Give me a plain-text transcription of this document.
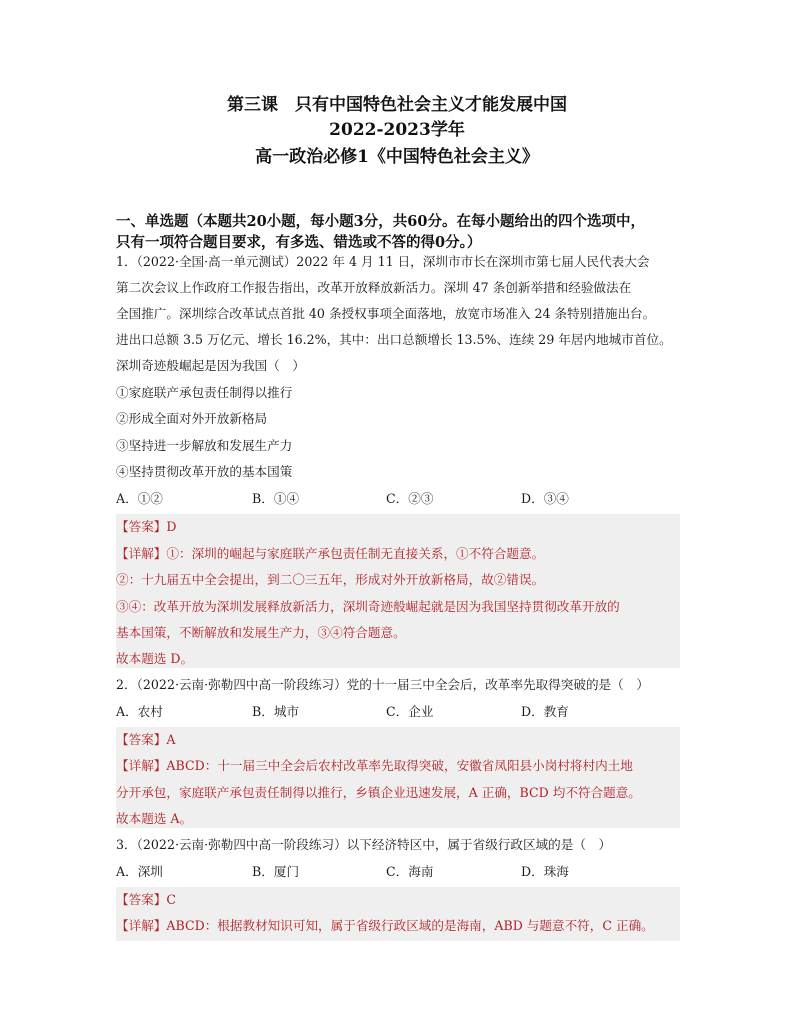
第三课　只有中国特色社会主义才能发展中国
2022-2023学年
高一政治必修1《中国特色社会主义》
一、单选题（本题共20小题，每小题3分，共60分。在每小题给出的四个选项中，
只有一项符合题目要求，有多选、错选或不答的得0分。）
1．（2022·全国·高一单元测试）2022 年 4 月 11 日，深圳市市长在深圳市第七届人民代表大会
第二次会议上作政府工作报告指出，改革开放释放新活力。深圳 47 条创新举措和经验做法在
全国推广。深圳综合改革试点首批 40 条授权事项全面落地，放宽市场准入 24 条特别措施出台。
进出口总额 3.5 万亿元、增长 16.2%，其中：出口总额增长 13.5%、连续 29 年居内地城市首位。
深圳奇迹般崛起是因为我国（　）
①家庭联产承包责任制得以推行
②形成全面对外开放新格局
③坚持进一步解放和发展生产力
④坚持贯彻改革开放的基本国策
A．①②	B．①④	C．②③	D．③④
【答案】D
【详解】①：深圳的崛起与家庭联产承包责任制无直接关系，①不符合题意。
②：十九届五中全会提出，到二〇三五年，形成对外开放新格局，故②错误。
③④：改革开放为深圳发展释放新活力，深圳奇迹般崛起就是因为我国坚持贯彻改革开放的
基本国策，不断解放和发展生产力，③④符合题意。
故本题选 D。
2．（2022·云南·弥勒四中高一阶段练习）党的十一届三中全会后，改革率先取得突破的是（　）
A．农村	B．城市	C．企业	D．教育
【答案】A
【详解】ABCD：十一届三中全会后农村改革率先取得突破，安徽省凤阳县小岗村将村内土地
分开承包，家庭联产承包责任制得以推行，乡镇企业迅速发展，A 正确，BCD 均不符合题意。
故本题选 A。
3．（2022·云南·弥勒四中高一阶段练习）以下经济特区中，属于省级行政区域的是（　）
A．深圳	B．厦门	C．海南	D．珠海
【答案】C
【详解】ABCD：根据教材知识可知，属于省级行政区域的是海南，ABD 与题意不符，C 正确。
